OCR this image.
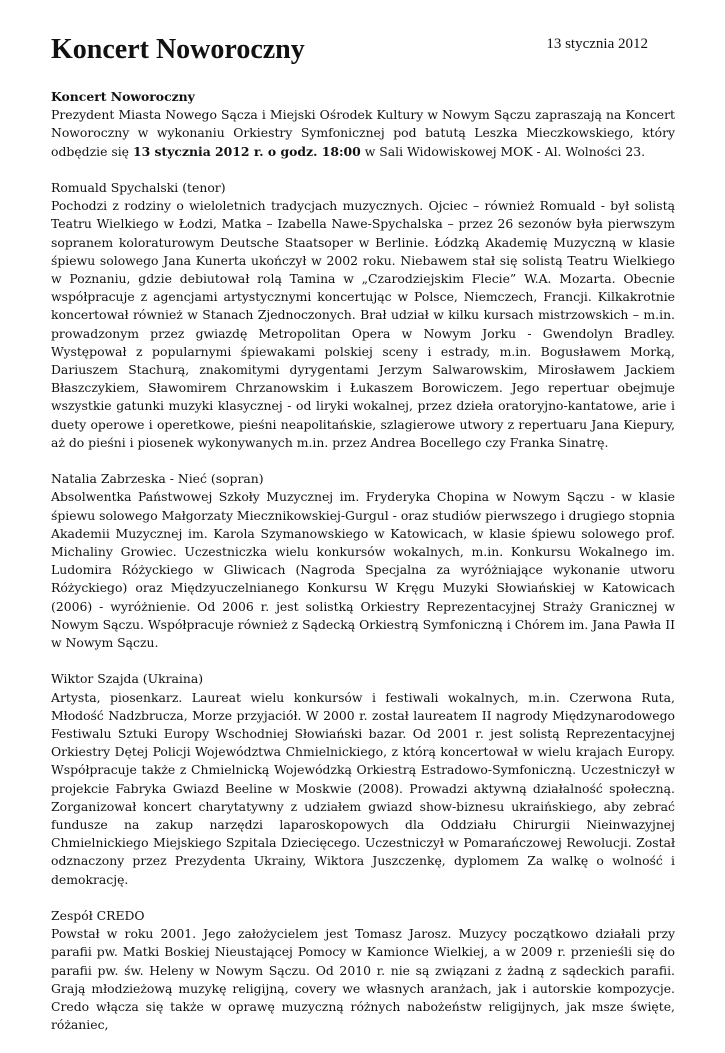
Koncert Noworoczny	13 stycznia 2012

Koncert Noworoczny
Prezydent Miasta Nowego Sącza i Miejski Ośrodek Kultury w Nowym Sączu zapraszają na Koncert Noworoczny w wykonaniu Orkiestry Symfonicznej pod batutą Leszka Mieczkowskiego, który odbędzie się 13 stycznia 2012 r. o godz. 18:00 w Sali Widowiskowej MOK - Al. Wolności 23.

Romuald Spychalski (tenor)
Pochodzi z rodziny o wieloletnich tradycjach muzycznych. Ojciec – również Romuald - był solistą Teatru Wielkiego w Łodzi, Matka – Izabella Nawe-Spychalska – przez 26 sezonów była pierwszym sopranem koloraturowym Deutsche Staatsoper w Berlinie. Łódzką Akademię Muzyczną w klasie śpiewu solowego Jana Kunerta ukończył w 2002 roku. Niebawem stał się solistą Teatru Wielkiego w Poznaniu, gdzie debiutował rolą Tamina w „Czarodziejskim Flecie” W.A. Mozarta. Obecnie współpracuje z agencjami artystycznymi koncertując w Polsce, Niemczech, Francji. Kilkakrotnie koncertował również w Stanach Zjednoczonych. Brał udział w kilku kursach mistrzowskich – m.in. prowadzonym przez gwiazdę Metropolitan Opera w Nowym Jorku - Gwendolyn Bradley. Występował z popularnymi śpiewakami polskiej sceny i estrady, m.in. Bogusławem Morką, Dariuszem Stachurą, znakomitymi dyrygentami Jerzym Salwarowskim, Mirosławem Jackiem Błaszczykiem, Sławomirem Chrzanowskim i Łukaszem Borowiczem. Jego repertuar obejmuje wszystkie gatunki muzyki klasycznej - od liryki wokalnej, przez dzieła oratoryjno-kantatowe, arie i duety operowe i operetkowe, pieśni neapolitańskie, szlagierowe utwory z repertuaru Jana Kiepury, aż do pieśni i piosenek wykonywanych m.in. przez Andrea Bocellego czy Franka Sinatrę.

Natalia Zabrzeska - Nieć (sopran)
Absolwentka Państwowej Szkoły Muzycznej im. Fryderyka Chopina w Nowym Sączu - w klasie śpiewu solowego Małgorzaty Miecznikowskiej-Gurgul - oraz studiów pierwszego i drugiego stopnia Akademii Muzycznej im. Karola Szymanowskiego w Katowicach, w klasie śpiewu solowego prof. Michaliny Growiec. Uczestniczka wielu konkursów wokalnych, m.in. Konkursu Wokalnego im. Ludomira Różyckiego w Gliwicach (Nagroda Specjalna za wyróżniające wykonanie utworu Różyckiego) oraz Międzyuczelnianego Konkursu W Kręgu Muzyki Słowiańskiej w Katowicach (2006) - wyróżnienie. Od 2006 r. jest solistką Orkiestry Reprezentacyjnej Straży Granicznej w Nowym Sączu. Współpracuje również z Sądecką Orkiestrą Symfoniczną i Chórem im. Jana Pawła II w Nowym Sączu.

Wiktor Szajda (Ukraina)
Artysta, piosenkarz. Laureat wielu konkursów i festiwali wokalnych, m.in. Czerwona Ruta, Młodość Nadzbrucza, Morze przyjaciół. W 2000 r. został laureatem II nagrody Międzynarodowego Festiwalu Sztuki Europy Wschodniej Słowiański bazar. Od 2001 r. jest solistą Reprezentacyjnej Orkiestry Dętej Policji Województwa Chmielnickiego, z którą koncertował w wielu krajach Europy. Współpracuje także z Chmielnicką Wojewódzką Orkiestrą Estradowo-Symfoniczną. Uczestniczył w projekcie Fabryka Gwiazd Beeline w Moskwie (2008). Prowadzi aktywną działalność społeczną. Zorganizował koncert charytatywny z udziałem gwiazd show-biznesu ukraińskiego, aby zebrać fundusze na zakup narzędzi laparoskopowych dla Oddziału Chirurgii Nieinwazyjnej Chmielnickiego Miejskiego Szpitala Dziecięcego. Uczestniczył w Pomarańczowej Rewolucji. Został odznaczony przez Prezydenta Ukrainy, Wiktora Juszczenkę, dyplomem Za walkę o wolność i demokrację.

Zespół CREDO
Powstał w roku 2001. Jego założycielem jest Tomasz Jarosz. Muzycy początkowo działali przy parafii pw. Matki Boskiej Nieustającej Pomocy w Kamionce Wielkiej, a w 2009 r. przenieśli się do parafii pw. św. Heleny w Nowym Sączu. Od 2010 r. nie są związani z żadną z sądeckich parafii. Grają młodzieżową muzykę religijną, covery we własnych aranżach, jak i autorskie kompozycje. Credo włącza się także w oprawę muzyczną różnych nabożeństw religijnych, jak msze święte, różaniec,
